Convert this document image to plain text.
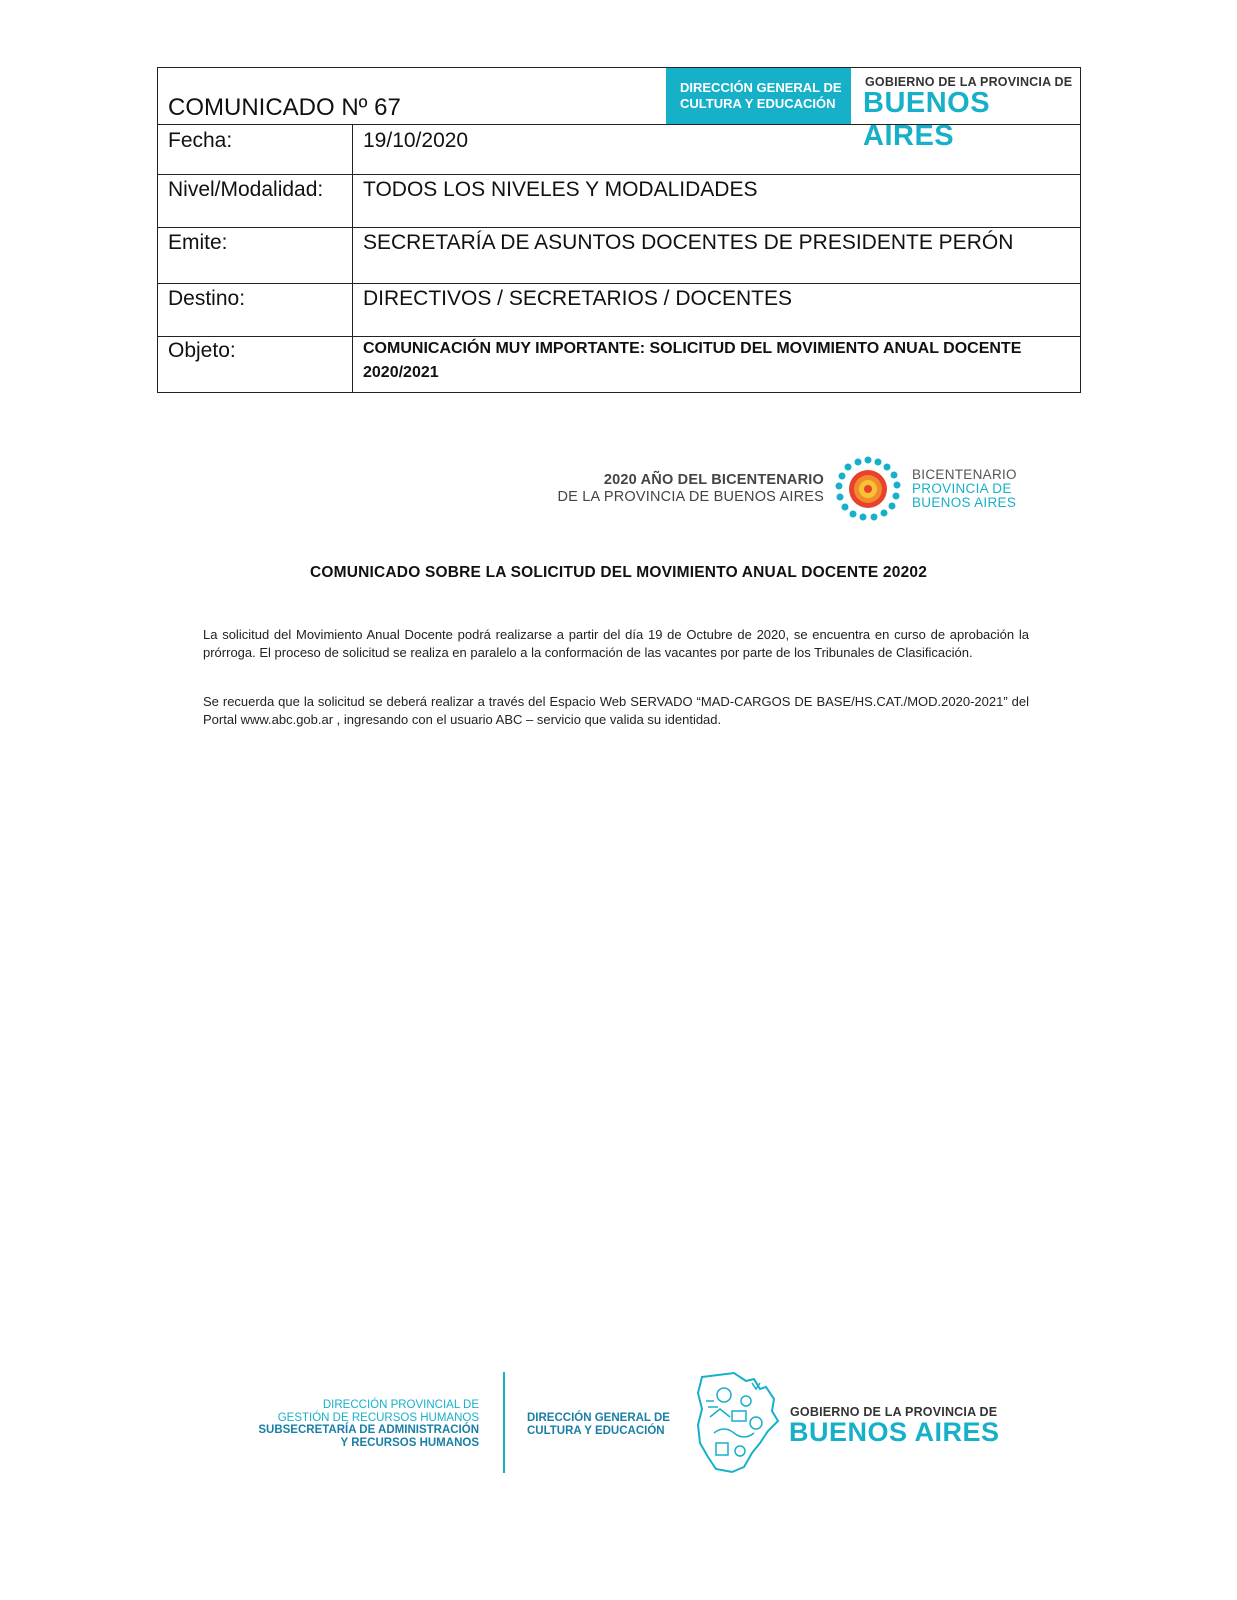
COMUNICADO Nº 67
DIRECCIÓN GENERAL DE
CULTURA Y EDUCACIÓN
GOBIERNO DE LA PROVINCIA DE
BUENOS AIRES
Fecha:	19/10/2020
Nivel/Modalidad: TODOS LOS NIVELES Y MODALIDADES
Emite:	SECRETARÍA DE ASUNTOS DOCENTES DE PRESIDENTE PERÓN
Destino:	DIRECTIVOS / SECRETARIOS / DOCENTES
Objeto:	COMUNICACIÓN MUY IMPORTANTE: SOLICITUD DEL MOVIMIENTO ANUAL DOCENTE 2020/2021
2020 AÑO DEL BICENTENARIO
DE LA PROVINCIA DE BUENOS AIRES
BICENTENARIO
PROVINCIA DE
BUENOS AIRES
COMUNICADO SOBRE LA SOLICITUD DEL MOVIMIENTO ANUAL DOCENTE 20202
La solicitud del Movimiento Anual Docente podrá realizarse a partir del día 19 de Octubre de 2020, se encuentra en curso de aprobación la prórroga. El proceso de solicitud se realiza en paralelo a la conformación de las vacantes por parte de los Tribunales de Clasificación.
Se recuerda que la solicitud se deberá realizar a través del Espacio Web SERVADO “MAD-CARGOS DE BASE/HS.CAT./MOD.2020-2021” del Portal www.abc.gob.ar , ingresando con el usuario ABC – servicio que valida su identidad.
DIRECCIÓN PROVINCIAL DE
GESTIÓN DE RECURSOS HUMANOS
SUBSECRETARÍA DE ADMINISTRACIÓN
Y RECURSOS HUMANOS
DIRECCIÓN GENERAL DE
CULTURA Y EDUCACIÓN
GOBIERNO DE LA PROVINCIA DE
BUENOS AIRES
